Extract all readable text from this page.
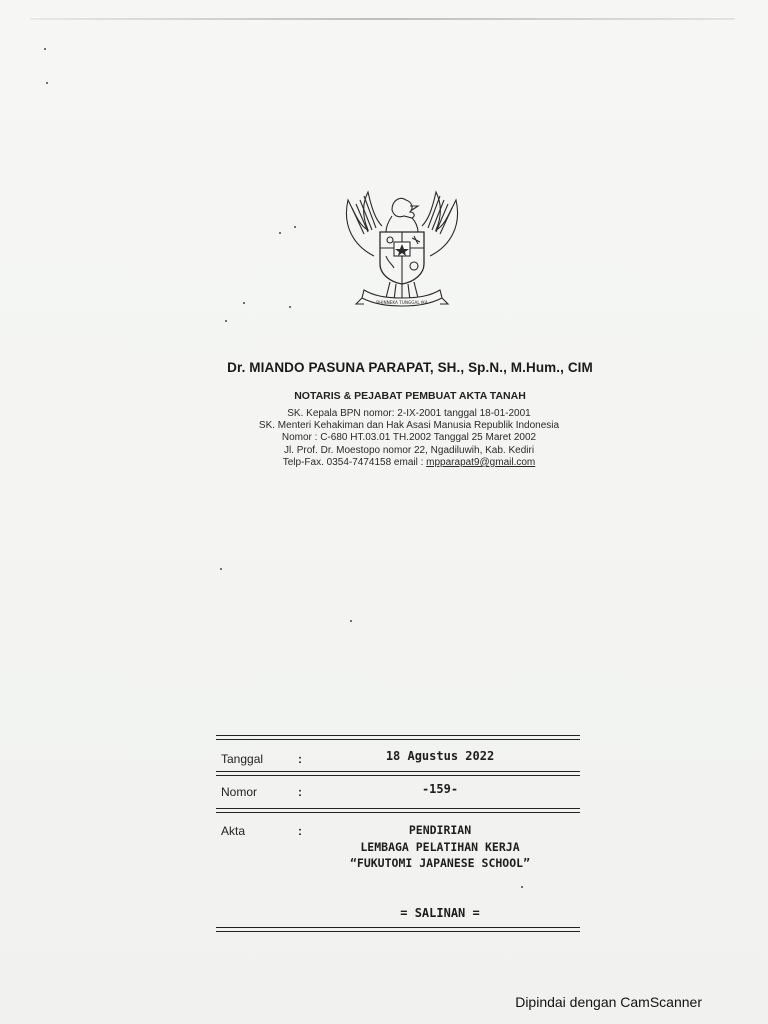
BHINNEKA TUNGGAL IKA
Dr. MIANDO PASUNA PARAPAT, SH., Sp.N., M.Hum., CIM
NOTARIS & PEJABAT PEMBUAT AKTA TANAH
SK. Kepala BPN nomor: 2-IX-2001 tanggal 18-01-2001
SK. Menteri Kehakiman dan Hak Asasi Manusia Republik Indonesia
Nomor : C-680 HT.03.01 TH.2002 Tanggal 25 Maret 2002
Jl. Prof. Dr. Moestopo nomor 22, Ngadiluwih, Kab. Kediri
Telp-Fax. 0354-7474158 email : mpparapat9@gmail.com
Tanggal	:	18 Agustus 2022
Nomor	:	-159-
Akta	:	PENDIRIAN
LEMBAGA PELATIHAN KERJA
“FUKUTOMI JAPANESE SCHOOL”
= SALINAN =
Dipindai dengan CamScanner
